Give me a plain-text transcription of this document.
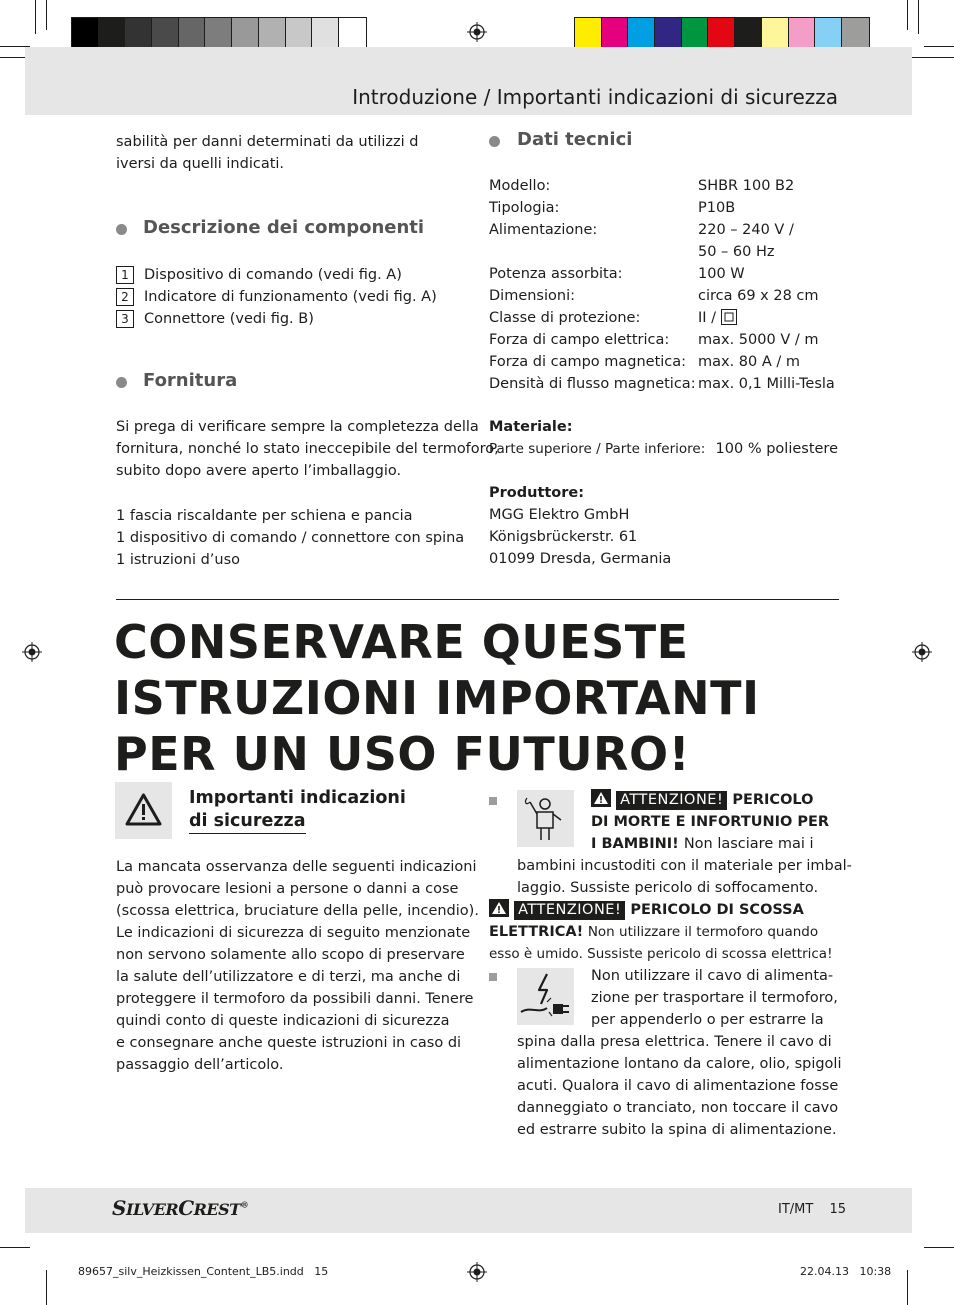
Introduzione / Importanti indicazioni di sicurezza
sabilità per danni determinati da utilizzi d
iversi da quelli indicati.
Descrizione dei componenti
1	Dispositivo di comando (vedi fig. A)
2	Indicatore di funzionamento (vedi fig. A)
3	Connettore (vedi fig. B)
Fornitura
Si prega di verificare sempre la completezza della
fornitura, nonché lo stato ineccepibile del termoforo,
subito dopo avere aperto l’imballaggio.
1 fascia riscaldante per schiena e pancia
1 dispositivo di comando / connettore con spina
1 istruzioni d’uso
Dati tecnici
Modello:	SHBR 100 B2
Tipologia:	P10B
Alimentazione:	220 – 240 V /
50 – 60 Hz
Potenza assorbita:	100 W
Dimensioni:	circa 69 x 28 cm
Classe di protezione:	II /
Forza di campo elettrica:	max. 5000 V / m
Forza di campo magnetica: max. 80 A / m
Densità di flusso magnetica: max. 0,1 Milli-Tesla
Materiale:
Parte superiore / Parte inferiore: 100 % poliestere
Produttore:
MGG Elektro GmbH
Königsbrückerstr. 61
01099 Dresda, Germania
CONSERVARE QUESTE
ISTRUZIONI IMPORTANTI
PER UN USO FUTURO!
Importanti indicazioni
di sicurezza
La mancata osservanza delle seguenti indicazioni
può provocare lesioni a persone o danni a cose
(scossa elettrica, bruciature della pelle, incendio).
Le indicazioni di sicurezza di seguito menzionate
non servono solamente allo scopo di preservare
la salute dell’utilizzatore e di terzi, ma anche di
proteggere il termoforo da possibili danni. Tenere
quindi conto di queste indicazioni di sicurezza
e consegnare anche queste istruzioni in caso di
passaggio dell’articolo.
ATTENZIONE! PERICOLO
DI MORTE E INFORTUNIO PER
I BAMBINI! Non lasciare mai i
bambini incustoditi con il materiale per imbal-
laggio. Sussiste pericolo di soffocamento.
ATTENZIONE! PERICOLO DI SCOSSA
ELETTRICA! Non utilizzare il termoforo quando
esso è umido. Sussiste pericolo di scossa elettrica!
Non utilizzare il cavo di alimenta-
zione per trasportare il termoforo,
per appenderlo o per estrarre la
spina dalla presa elettrica. Tenere il cavo di
alimentazione lontano da calore, olio, spigoli
acuti. Qualora il cavo di alimentazione fosse
danneggiato o tranciato, non toccare il cavo
ed estrarre subito la spina di alimentazione.
SILVERCREST®	IT/MT 15
89657_silv_Heizkissen_Content_LB5.indd   15	22.04.13   10:38
